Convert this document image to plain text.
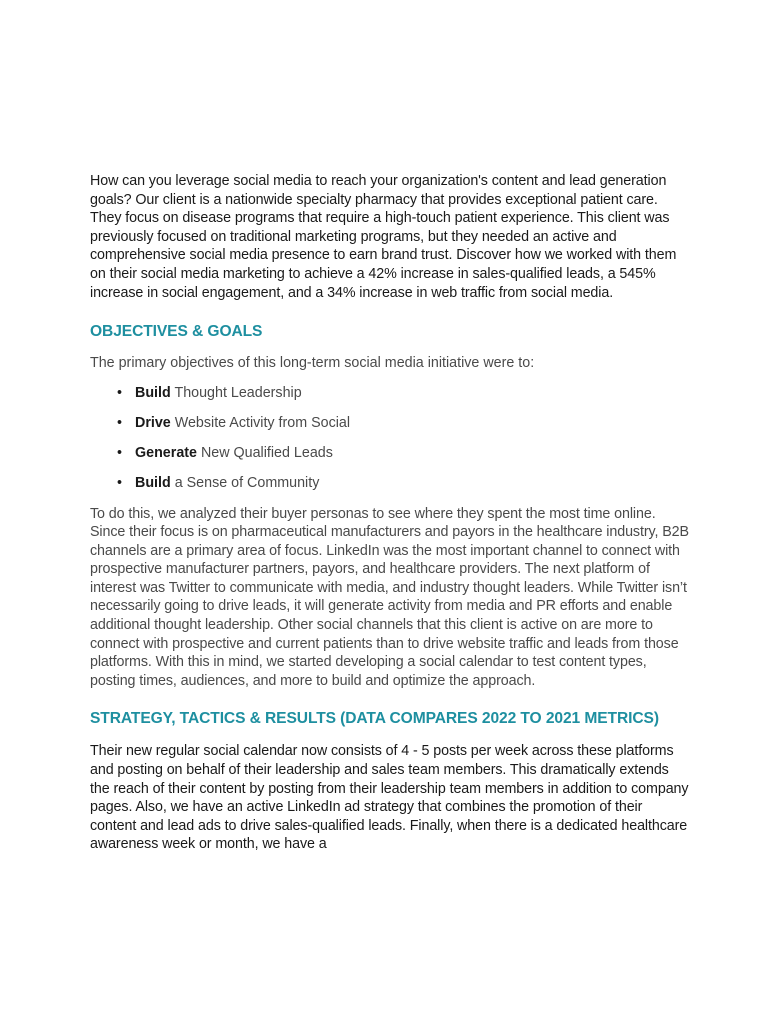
How can you leverage social media to reach your organization's content and lead generation goals? Our client is a nationwide specialty pharmacy that provides exceptional patient care. They focus on disease programs that require a high-touch patient experience. This client was previously focused on traditional marketing programs, but they needed an active and comprehensive social media presence to earn brand trust. Discover how we worked with them on their social media marketing to achieve a 42% increase in sales-qualified leads, a 545% increase in social engagement, and a 34% increase in web traffic from social media.

OBJECTIVES & GOALS

The primary objectives of this long-term social media initiative were to:

• Build Thought Leadership
• Drive Website Activity from Social
• Generate New Qualified Leads
• Build a Sense of Community

To do this, we analyzed their buyer personas to see where they spent the most time online. Since their focus is on pharmaceutical manufacturers and payors in the healthcare industry, B2B channels are a primary area of focus. LinkedIn was the most important channel to connect with prospective manufacturer partners, payors, and healthcare providers. The next platform of interest was Twitter to communicate with media, and industry thought leaders. While Twitter isn’t necessarily going to drive leads, it will generate activity from media and PR efforts and enable additional thought leadership. Other social channels that this client is active on are more to connect with prospective and current patients than to drive website traffic and leads from those platforms. With this in mind, we started developing a social calendar to test content types, posting times, audiences, and more to build and optimize the approach.

STRATEGY, TACTICS & RESULTS (DATA COMPARES 2022 TO 2021 METRICS)

Their new regular social calendar now consists of 4 - 5 posts per week across these platforms and posting on behalf of their leadership and sales team members. This dramatically extends the reach of their content by posting from their leadership team members in addition to company pages. Also, we have an active LinkedIn ad strategy that combines the promotion of their content and lead ads to drive sales-qualified leads. Finally, when there is a dedicated healthcare awareness week or month, we have a
